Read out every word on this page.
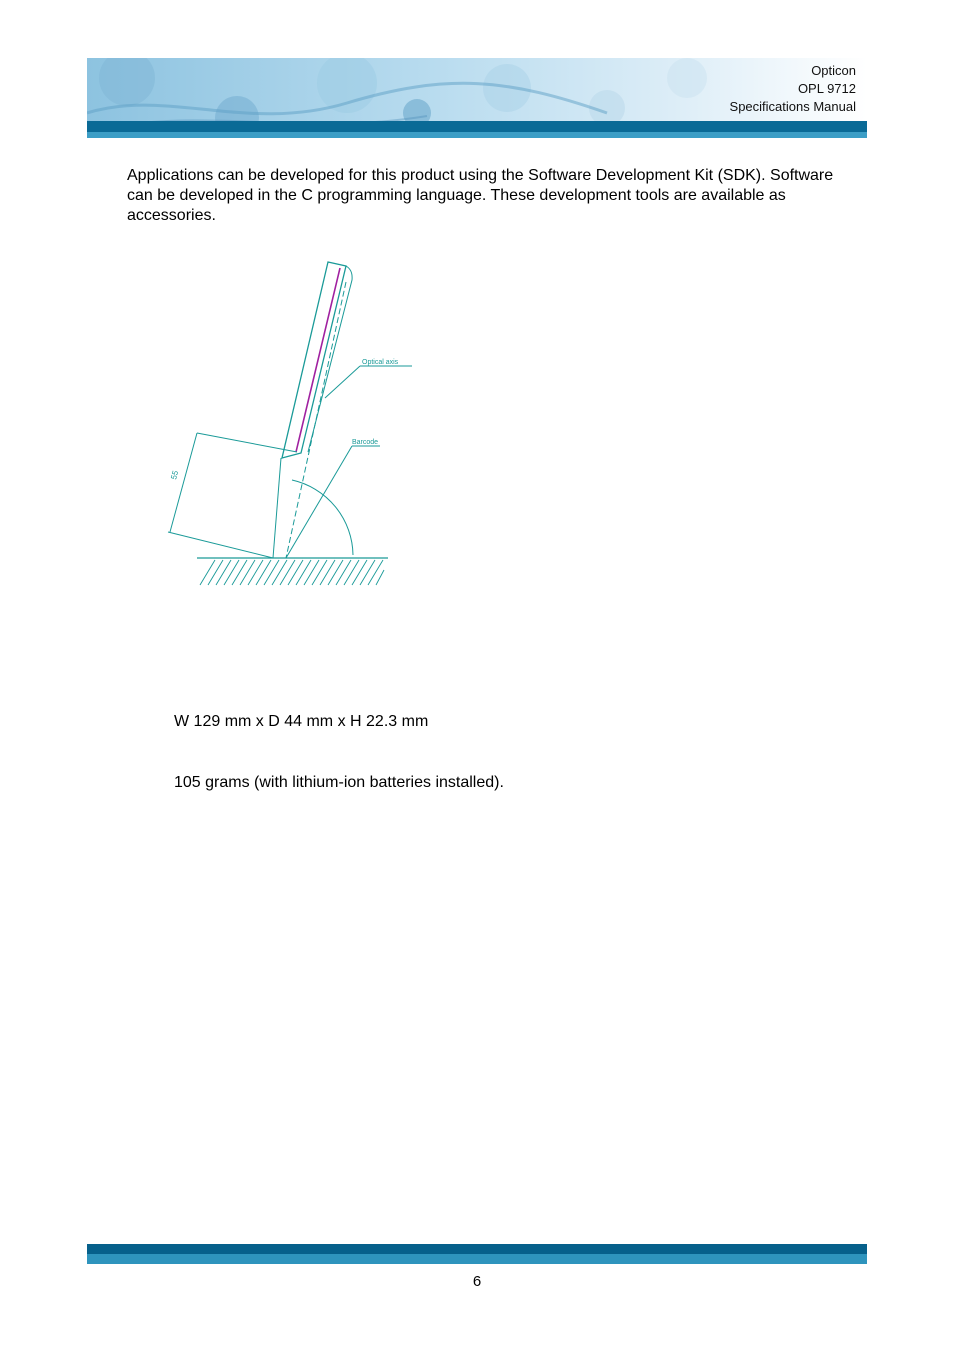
Opticon
OPL 9712
Specifications Manual

Applications can be developed for this product using the Software Development Kit (SDK). Software can be developed in the C programming language. These development tools are available as accessories.

Optical axis
Barcode
55
W 129 mm x D 44 mm x H 22.3 mm
105 grams (with lithium-ion batteries installed).
6
